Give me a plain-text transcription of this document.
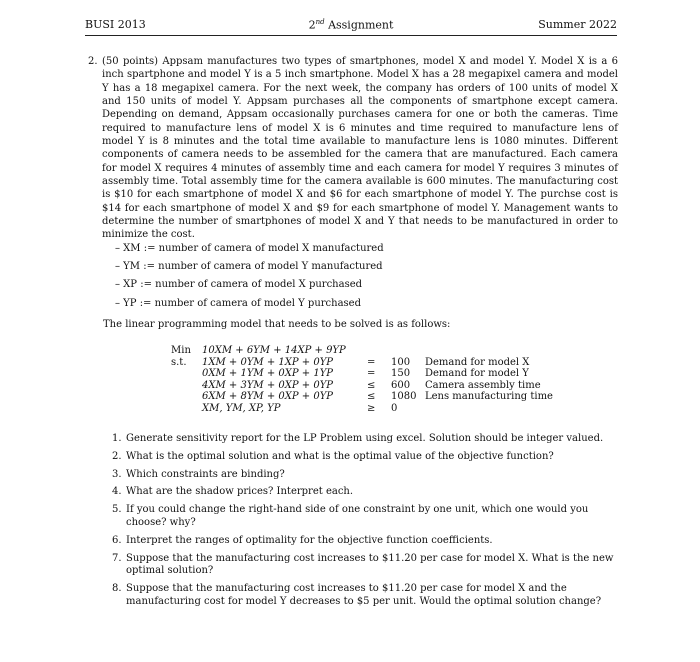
BUSI 2013	2nd Assignment	Summer 2022
2. (50 points) Appsam manufactures two types of smartphones, model X and model Y. Model X is a 6 inch spartphone and model Y is a 5 inch smartphone. Model X has a 28 megapixel camera and model Y has a 18 megapixel camera. For the next week, the company has orders of 100 units of model X and 150 units of model Y. Appsam purchases all the components of smartphone except camera. Depending on demand, Appsam occasionally purchases camera for one or both the cameras. Time required to manufacture lens of model X is 6 minutes and time required to manufacture lens of model Y is 8 minutes and the total time available to manufacture lens is 1080 minutes. Different components of camera needs to be assembled for the camera that are manufactured. Each camera for model X requires 4 minutes of assembly time and each camera for model Y requires 3 minutes of assembly time. Total assembly time for the camera available is 600 minutes. The manufacturing cost is $10 for each smartphone of model X and $6 for each smartphone of model Y. The purchse cost is $14 for each smartphone of model X and $9 for each smartphone of model Y. Management wants to determine the number of smartphones of model X and Y that needs to be manufactured in order to minimize the cost.
– XM := number of camera of model X manufactured
– YM := number of camera of model Y manufactured
– XP := number of camera of model X purchased
– YP := number of camera of model Y purchased
The linear programming model that needs to be solved is as follows:
Min 10XM + 6YM + 14XP + 9YP
s.t. 1XM + 0YM + 1XP + 0YP	= 100 Demand for model X
0XM + 1YM + 0XP + 1YP	= 150 Demand for model Y
4XM + 3YM + 0XP + 0YP	≤ 600 Camera assembly time
6XM + 8YM + 0XP + 0YP	≤ 1080 Lens manufacturing time
XM, YM, XP, YP	≥ 0
1. Generate sensitivity report for the LP Problem using excel. Solution should be integer valued.
2. What is the optimal solution and what is the optimal value of the objective function?
3. Which constraints are binding?
4. What are the shadow prices? Interpret each.
5. If you could change the right-hand side of one constraint by one unit, which one would you choose? why?
6. Interpret the ranges of optimality for the objective function coefficients.
7. Suppose that the manufacturing cost increases to $11.20 per case for model X. What is the new optimal solution?
8. Suppose that the manufacturing cost increases to $11.20 per case for model X and the manufacturing cost for model Y decreases to $5 per unit. Would the optimal solution change?
